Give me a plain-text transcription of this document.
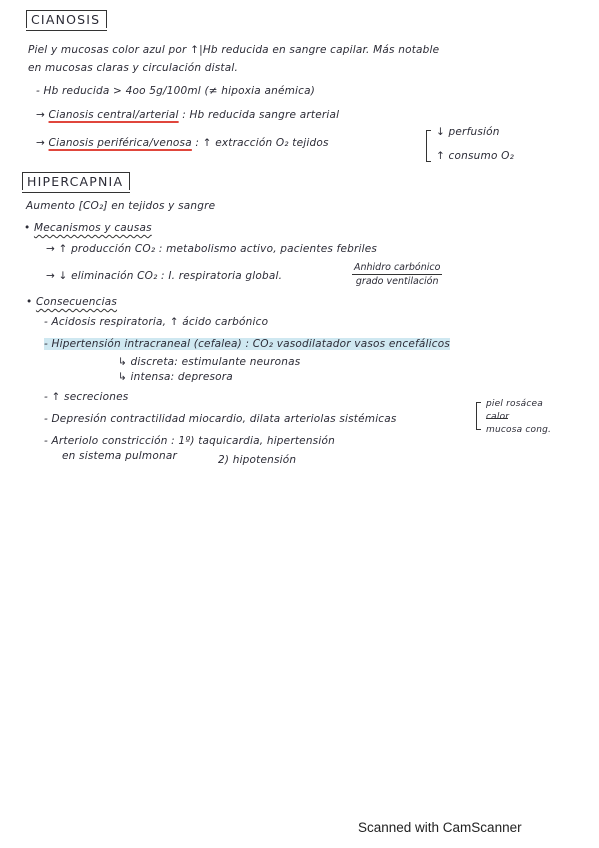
CIANOSIS
Piel y mucosas color azul por ↑|Hb reducida en sangre capilar. Más notable
en mucosas claras y circulación distal.
- Hb reducida > 4oo 5g/100ml (≠ hipoxia anémica)
→ Cianosis central/arterial : Hb reducida sangre arterial
→ Cianosis periférica/venosa : ↑ extracción O₂ tejidos
↓ perfusión
↑ consumo O₂
HIPERCAPNIA
Aumento [CO₂] en tejidos y sangre
• Mecanismos y causas
→ ↑ producción CO₂ : metabolismo activo, pacientes febriles
→ ↓ eliminación CO₂ : I. respiratoria global.
Anhidro carbónico
grado ventilación
• Consecuencias
- Acidosis respiratoria, ↑ ácido carbónico
- Hipertensión intracraneal (cefalea) : CO₂ vasodilatador vasos encefálicos
↳ discreta: estimulante neuronas
↳ intensa: depresora
- ↑ secreciones
- Depresión contractilidad miocardio, dilata arteriolas sistémicas
piel rosácea
calor
mucosa cong.
- Arteriolo constricción : 1º) taquicardia, hipertensión
en sistema pulmonar	2) hipotensión
Scanned with CamScanner
